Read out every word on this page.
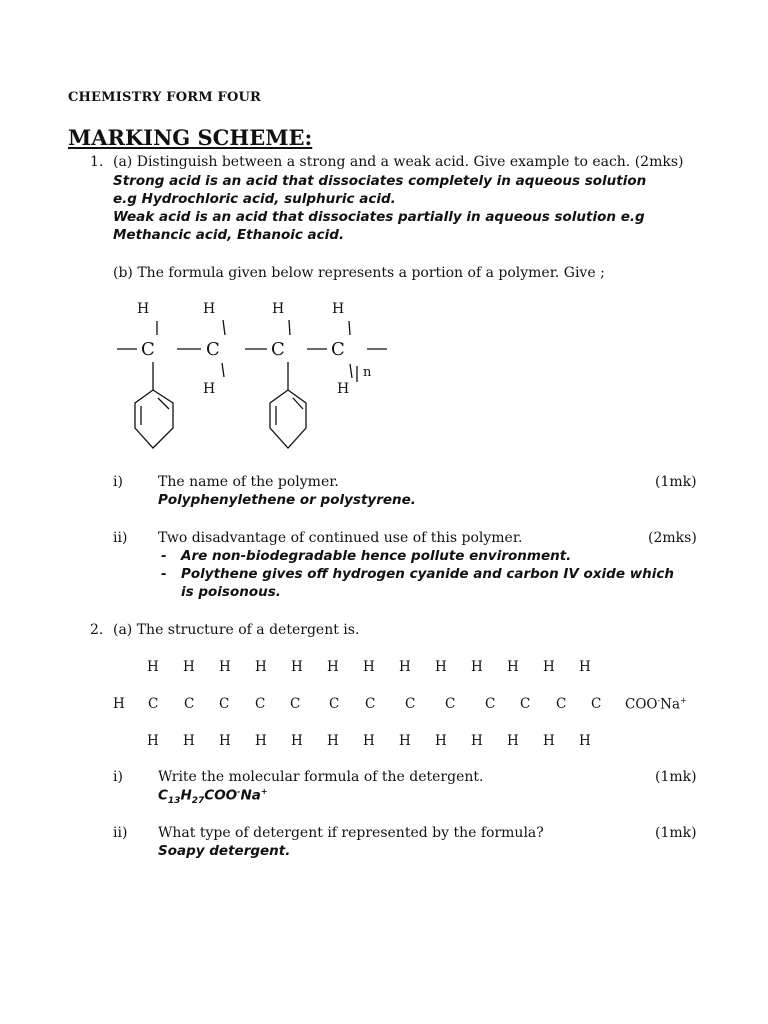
CHEMISTRY FORM FOUR
MARKING SCHEME:
1. (a) Distinguish between a strong and a weak acid. Give example to each. (2mks)
Strong acid is an acid that dissociates completely in aqueous solution
e.g Hydrochloric acid, sulphuric acid.
Weak acid is an acid that dissociates partially in aqueous solution e.g
Methancic acid, Ethanoic acid.
(b) The formula given below represents a portion of a polymer. Give ;
H	H	H	H
C	C	C	C
H	H
n
i)	The name of the polymer.	(1mk)
Polyphenylethene or polystyrene.
ii) Two disadvantage of continued use of this polymer.	(2mks)
- Are non-biodegradable hence pollute environment.
- Polythene gives off hydrogen cyanide and carbon IV oxide which
is poisonous.
2. (a) The structure of a detergent is.
H H H H H H H H H H H H H
H C C C C C C C C C C C C C COO-Na+
H H H H H H H H H H H H H
i)	Write the molecular formula of the detergent.	(1mk)
$C_{13}H_{27}COO^-Na^+$
ii) What type of detergent if represented by the formula?	(1mk)
Soapy detergent.
